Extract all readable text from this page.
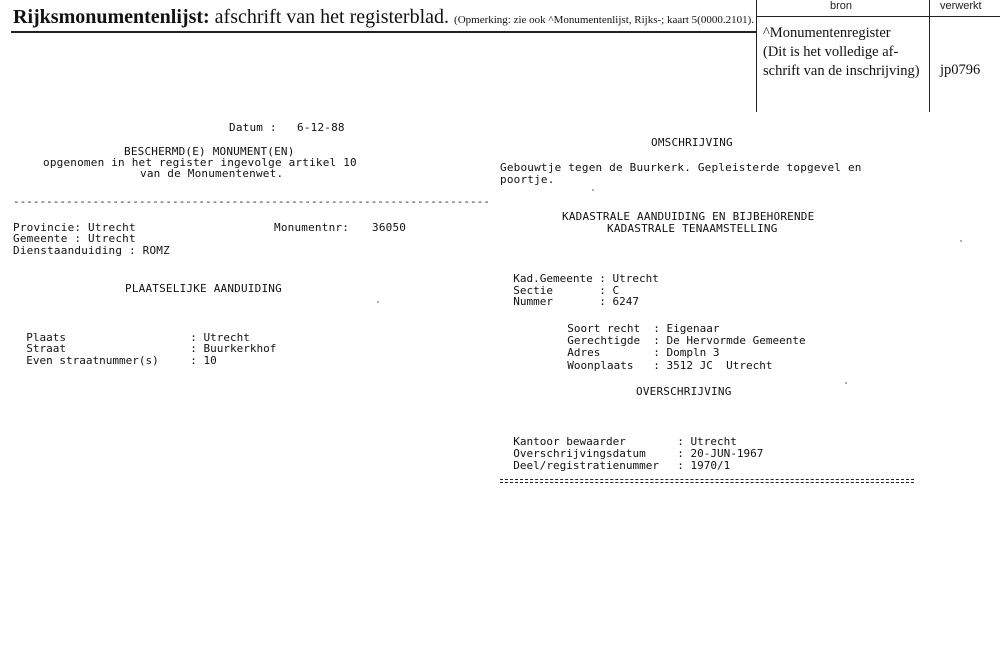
Rijksmonumentenlijst: afschrift van het registerblad. (Opmerking: zie ook ^Monumentenlijst, Rijks-; kaart 5(0000.2101).
bron	verwerkt
^Monumentenregister
(Dit is het volledige af-
schrift van de inschrijving)	jp0796
Datum : 6-12-88
BESCHERMD(E) MONUMENT(EN)
opgenomen in het register ingevolge artikel 10
van de Monumentenwet.
------------------------------------------------------------------------
Provincie: Utrecht	Monumentnr: 36050
Gemeente : Utrecht
Dienstaanduiding : ROMZ
PLAATSELIJKE AANDUIDING

Plaats	: Utrecht

Straat	: Buurkerkhof

Even straatnummer(s)	: 10

OMSCHRIJVING
Gebouwtje tegen de Buurkerk. Gepleisterde topgevel en
poortje.
KADASTRALE AANDUIDING EN BIJBEHORENDE
KADASTRALE TENAAMSTELLING

Kad.Gemeente : Utrecht

Sectie	: C

Nummer	: 6247

Soort recht : Eigenaar

Gerechtigde : De Hervormde Gemeente

Adres	: Dompln 3

Woonplaats : 3512 JC  Utrecht

OVERSCHRIJVING

Kantoor bewaarder	: Utrecht

Overschrijvingsdatum	: 20-JUN-1967

Deel/registratienummer : 1970/1
